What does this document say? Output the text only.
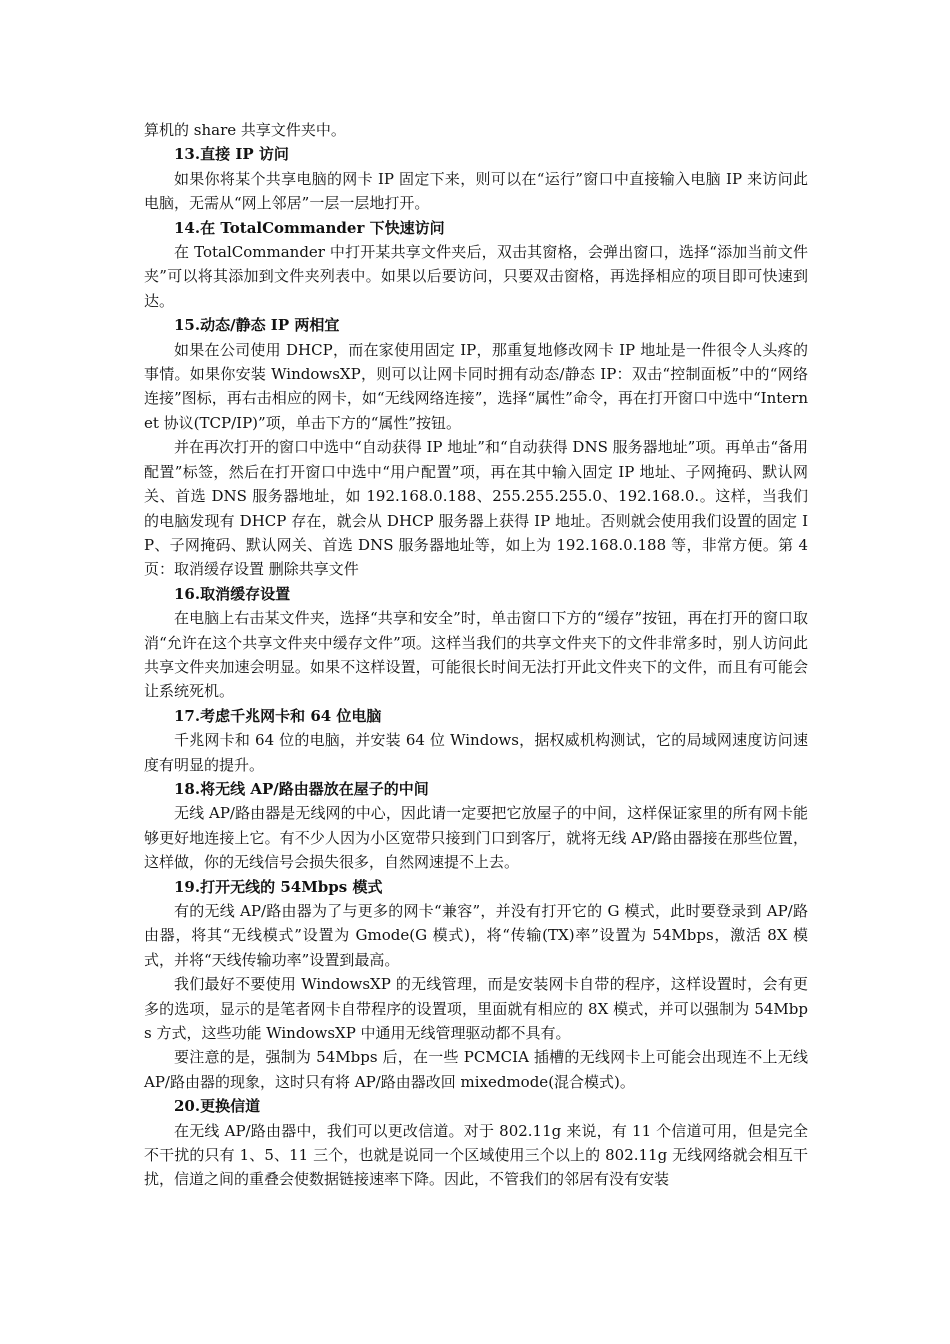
算机的 share 共享文件夹中。

13.直接 IP 访问

如果你将某个共享电脑的网卡 IP 固定下来，则可以在“运行”窗口中直接输入电脑 IP 来访问此电脑，无需从“网上邻居”一层一层地打开。

14.在 TotalCommander 下快速访问

在 TotalCommander 中打开某共享文件夹后，双击其窗格，会弹出窗口，选择“添加当前文件夹”可以将其添加到文件夹列表中。如果以后要访问，只要双击窗格，再选择相应的项目即可快速到达。

15.动态/静态 IP 两相宜

如果在公司使用 DHCP，而在家使用固定 IP，那重复地修改网卡 IP 地址是一件很令人头疼的事情。如果你安装 WindowsXP，则可以让网卡同时拥有动态/静态 IP：双击“控制面板”中的“网络连接”图标，再右击相应的网卡，如“无线网络连接”，选择“属性”命令，再在打开窗口中选中“Internet 协议(TCP/IP)”项，单击下方的“属性”按钮。

并在再次打开的窗口中选中“自动获得 IP 地址”和“自动获得 DNS 服务器地址”项。再单击“备用配置”标签，然后在打开窗口中选中“用户配置”项，再在其中输入固定 IP 地址、子网掩码、默认网关、首选 DNS 服务器地址，如 192.168.0.188、255.255.255.0、192.168.0.。这样，当我们的电脑发现有 DHCP 存在，就会从 DHCP 服务器上获得 IP 地址。否则就会使用我们设置的固定 IP、子网掩码、默认网关、首选 DNS 服务器地址等，如上为 192.168.0.188 等，非常方便。第 4 页：取消缓存设置 删除共享文件

16.取消缓存设置

在电脑上右击某文件夹，选择“共享和安全”时，单击窗口下方的“缓存”按钮，再在打开的窗口取消“允许在这个共享文件夹中缓存文件”项。这样当我们的共享文件夹下的文件非常多时，别人访问此共享文件夹加速会明显。如果不这样设置，可能很长时间无法打开此文件夹下的文件，而且有可能会让系统死机。

17.考虑千兆网卡和 64 位电脑

千兆网卡和 64 位的电脑，并安装 64 位 Windows，据权威机构测试，它的局域网速度访问速度有明显的提升。

18.将无线 AP/路由器放在屋子的中间

无线 AP/路由器是无线网的中心，因此请一定要把它放屋子的中间，这样保证家里的所有网卡能够更好地连接上它。有不少人因为小区宽带只接到门口到客厅，就将无线 AP/路由器接在那些位置，这样做，你的无线信号会损失很多，自然网速提不上去。

19.打开无线的 54Mbps 模式

有的无线 AP/路由器为了与更多的网卡“兼容”，并没有打开它的 G 模式，此时要登录到 AP/路由器，将其“无线模式”设置为 Gmode(G 模式)，将“传输(TX)率”设置为 54Mbps，激活 8X 模式，并将“天线传输功率”设置到最高。

我们最好不要使用 WindowsXP 的无线管理，而是安装网卡自带的程序，这样设置时，会有更多的选项，显示的是笔者网卡自带程序的设置项，里面就有相应的 8X 模式，并可以强制为 54Mbps 方式，这些功能 WindowsXP 中通用无线管理驱动都不具有。

要注意的是，强制为 54Mbps 后，在一些 PCMCIA 插槽的无线网卡上可能会出现连不上无线 AP/路由器的现象，这时只有将 AP/路由器改回 mixedmode(混合模式)。

20.更换信道

在无线 AP/路由器中，我们可以更改信道。对于 802.11g 来说，有 11 个信道可用，但是完全不干扰的只有 1、5、11 三个，也就是说同一个区域使用三个以上的 802.11g 无线网络就会相互干扰，信道之间的重叠会使数据链接速率下降。因此，不管我们的邻居有没有安装
